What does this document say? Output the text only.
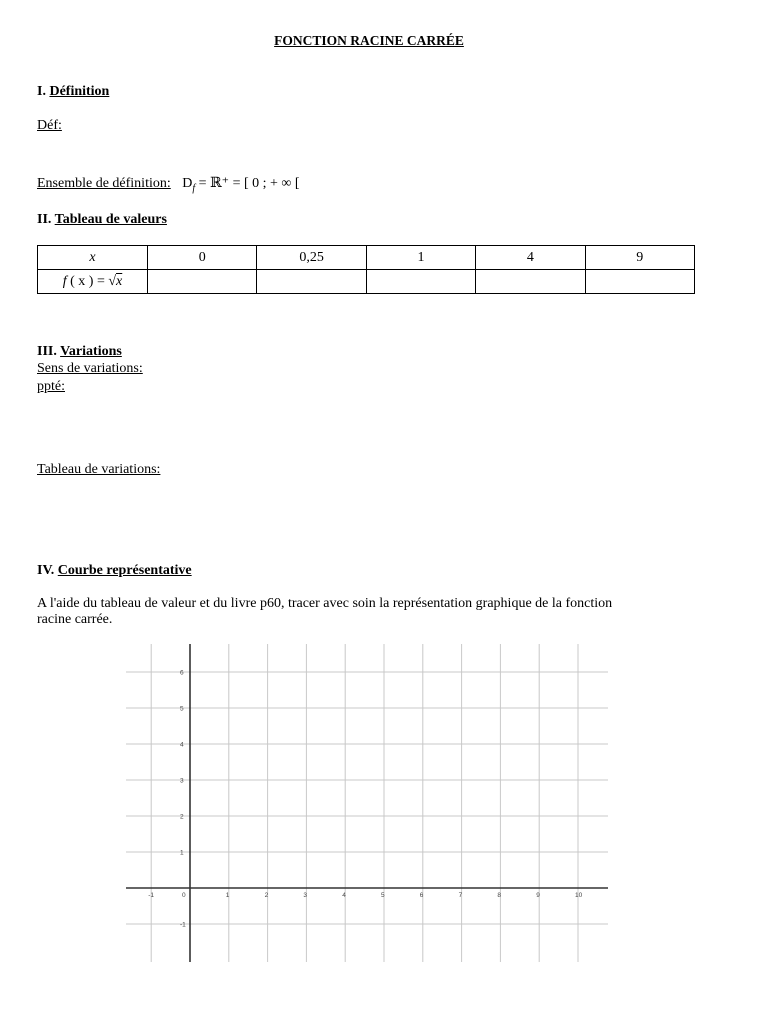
FONCTION RACINE CARRÉE
I. Définition
Déf:
Ensemble de définition: $D_f$ = ℝ⁺ = [ 0 ; + ∞ [
II. Tableau de valeurs
x	0	0,25	1	4	9
f ( x ) = √x					
III. Variations
Sens de variations:
ppté:
Tableau de variations:
IV. Courbe représentative
A l'aide du tableau de valeur et du livre p60, tracer avec soin la représentation graphique de la fonction
racine carrée.
-1	0	1	2	3	4	5	6	7	8	9	10
-1
1
2
3
4
5
6
